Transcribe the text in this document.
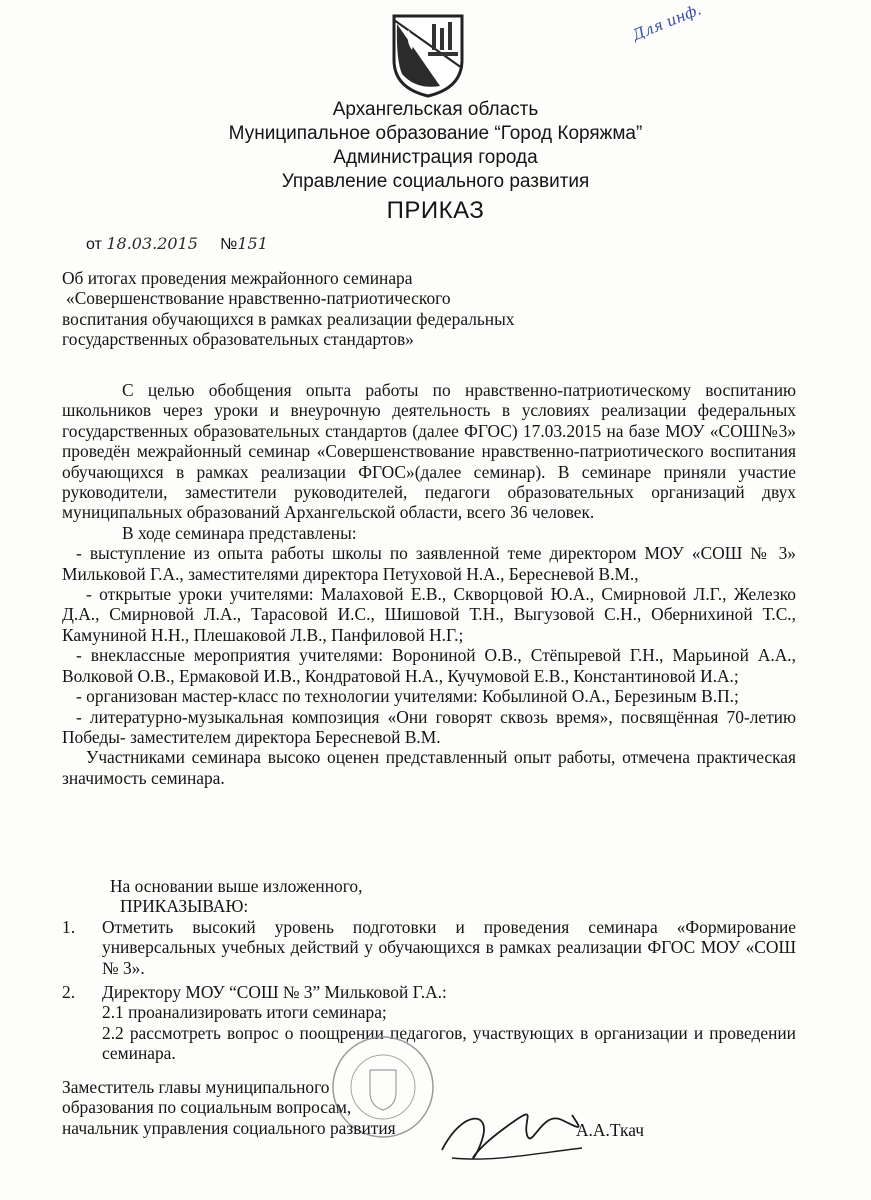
Для инф.
Архангельская область
Муниципальное образование “Город Коряжма”
Администрация города
Управление социального развития
ПРИКАЗ
от 18.03.2015 №151
Об итогах проведения межрайонного семинара
«Совершенствование нравственно-патриотического
воспитания обучающихся в рамках реализации федеральных
государственных образовательных стандартов»

С целью обобщения опыта работы по нравственно-патриотическому воспитанию школьников через уроки и внеурочную деятельность в условиях реализации федеральных государственных образовательных стандартов (далее ФГОС) 17.03.2015 на базе МОУ «СОШ№3» проведён межрайонный семинар «Совершенствование нравственно-патриотического воспитания обучающихся в рамках реализации ФГОС»(далее семинар). В семинаре приняли участие руководители, заместители руководителей, педагоги образовательных организаций двух муниципальных образований Архангельской области, всего 36 человек.

В ходе семинара представлены:

- выступление из опыта работы школы по заявленной теме директором МОУ «СОШ № 3» Мильковой Г.А., заместителями директора Петуховой Н.А., Бересневой В.М.,

- открытые уроки учителями: Малаховой Е.В., Скворцовой Ю.А., Смирновой Л.Г., Железко Д.А., Смирновой Л.А., Тарасовой И.С., Шишовой Т.Н., Выгузовой С.Н., Обернихиной Т.С., Камуниной Н.Н., Плешаковой Л.В., Панфиловой Н.Г.;

- внеклассные мероприятия учителями: Ворониной О.В., Стёпыревой Г.Н., Марьиной А.А., Волковой О.В., Ермаковой И.В., Кондратовой Н.А., Кучумовой Е.В., Константиновой И.А.;

- организован мастер-класс по технологии учителями: Кобылиной О.А., Березиным В.П.;

- литературно-музыкальная композиция «Они говорят сквозь время», посвящённая 70-летию Победы- заместителем директора Бересневой В.М.

Участниками семинара высоко оценен представленный опыт работы, отмечена практическая значимость семинара.

На основании выше изложенного,

ПРИКАЗЫВАЮ:

1. Отметить высокий уровень подготовки и проведения семинара «Формирование универсальных учебных действий у обучающихся в рамках реализации ФГОС МОУ «СОШ № 3».

2. Директору МОУ “СОШ № 3” Мильковой Г.А.:

2.1 проанализировать итоги семинара;

2.2 рассмотреть вопрос о поощрении педагогов, участвующих в организации и проведении семинара.

Заместитель главы муниципального
образования по социальным вопросам,
начальник управления социального развития	А.А.Ткач
